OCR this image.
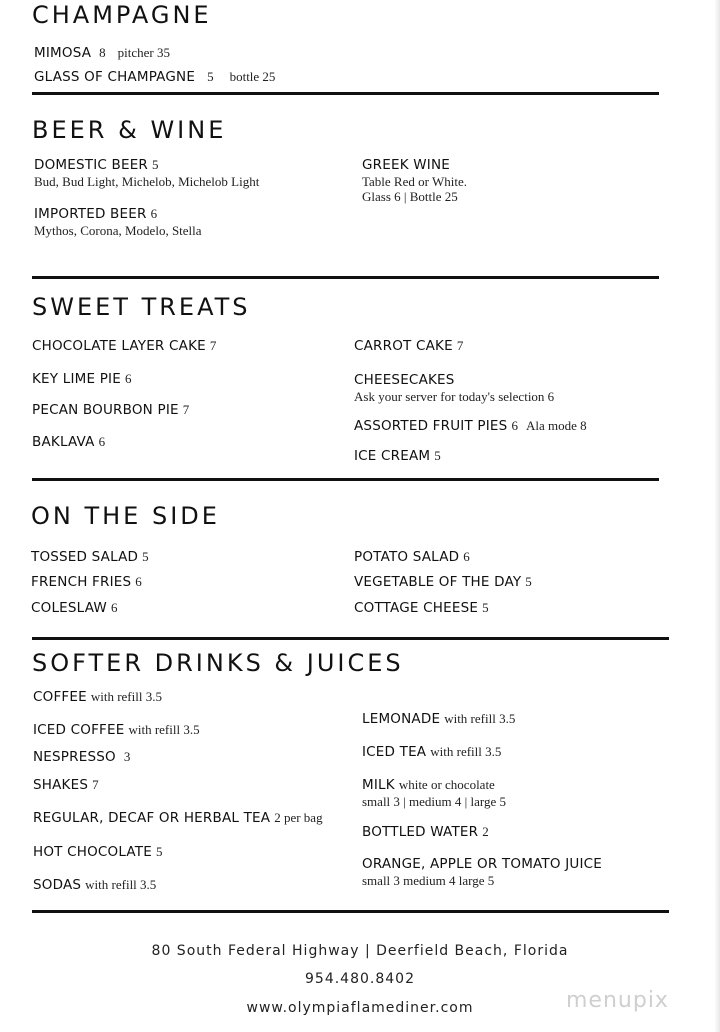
CHAMPAGNE
MIMOSA 8 pitcher 35
GLASS OF CHAMPAGNE 5 bottle 25
BEER & WINE
DOMESTIC BEER 5
Bud, Bud Light, Michelob, Michelob Light
IMPORTED BEER 6
Mythos, Corona, Modelo, Stella
GREEK WINE
Table Red or White.
Glass 6 | Bottle 25
SWEET TREATS
CHOCOLATE LAYER CAKE 7
KEY LIME PIE 6
PECAN BOURBON PIE 7
BAKLAVA 6
CARROT CAKE 7
CHEESECAKES
Ask your server for today's selection 6
ASSORTED FRUIT PIES 6 Ala mode 8
ICE CREAM 5
ON THE SIDE
TOSSED SALAD 5
FRENCH FRIES 6
COLESLAW 6
POTATO SALAD 6
VEGETABLE OF THE DAY 5
COTTAGE CHEESE 5
SOFTER DRINKS & JUICES
COFFEE with refill 3.5
ICED COFFEE with refill 3.5
NESPRESSO 3
SHAKES 7
REGULAR, DECAF OR HERBAL TEA 2 per bag
HOT CHOCOLATE 5
SODAS with refill 3.5
LEMONADE with refill 3.5
ICED TEA with refill 3.5
MILK white or chocolate
small 3 | medium 4 | large 5
BOTTLED WATER 2
ORANGE, APPLE OR TOMATO JUICE
small 3 medium 4 large 5
80 South Federal Highway | Deerfield Beach, Florida
954.480.8402
www.olympiaflamediner.com	menupix
